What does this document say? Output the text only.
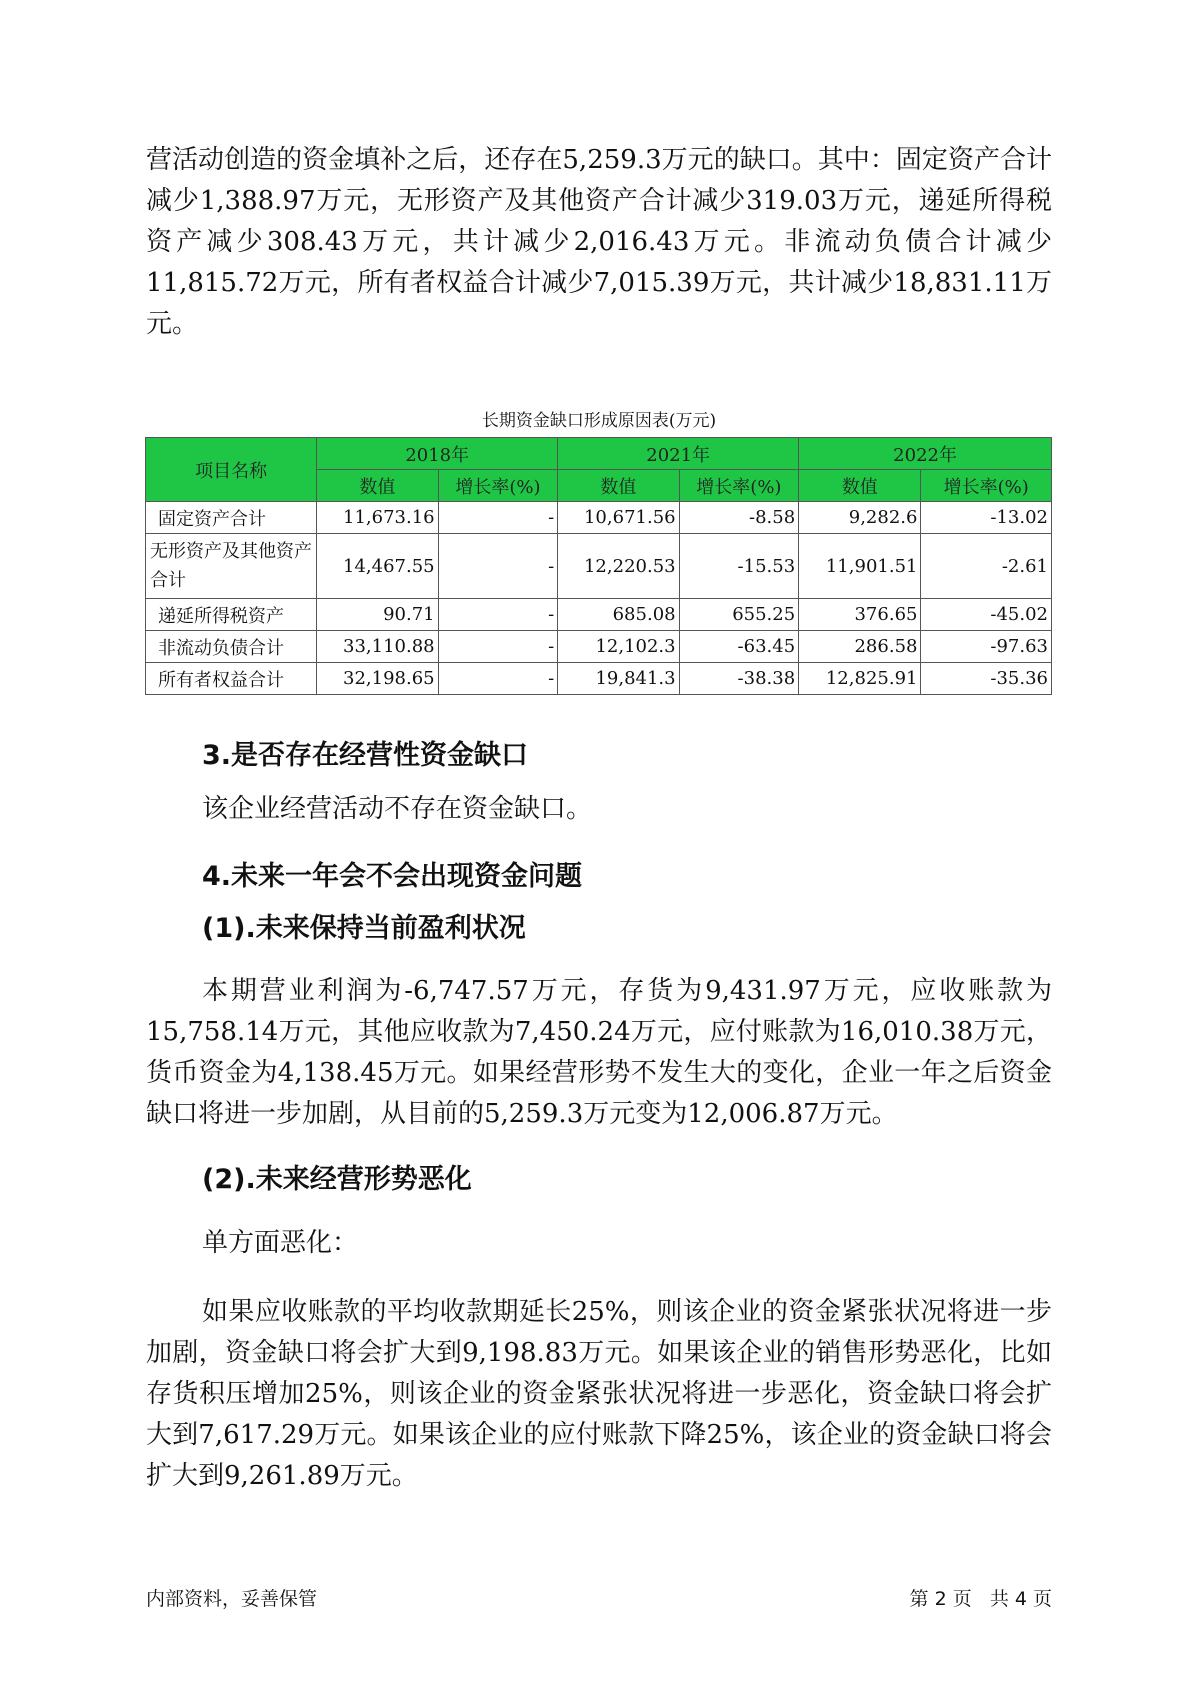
营活动创造的资金填补之后，还存在5,259.3万元的缺口。其中：固定资产合计减少1,388.97万元，无形资产及其他资产合计减少319.03万元，递延所得税资产减少308.43万元，共计减少2,016.43万元。非流动负债合计减少11,815.72万元，所有者权益合计减少7,015.39万元，共计减少18,831.11万元。

长期资金缺口形成原因表(万元)
项目名称	2018年		2021年		2022年	
	数值	增长率(%)	数值	增长率(%)	数值	增长率(%)
固定资产合计	11,673.16	-	10,671.56	-8.58	9,282.6	-13.02
无形资产及其他资产合计	14,467.55	-	12,220.53	-15.53	11,901.51	-2.61
递延所得税资产	90.71	-	685.08	655.25	376.65	-45.02
非流动负债合计	33,110.88	-	12,102.3	-63.45	286.58	-97.63
所有者权益合计	32,198.65	-	19,841.3	-38.38	12,825.91	-35.36
3.是否存在经营性资金缺口

该企业经营活动不存在资金缺口。

4.未来一年会不会出现资金问题
(1).未来保持当前盈利状况

本期营业利润为-6,747.57万元，存货为9,431.97万元，应收账款为15,758.14万元，其他应收款为7,450.24万元，应付账款为16,010.38万元，货币资金为4,138.45万元。如果经营形势不发生大的变化，企业一年之后资金缺口将进一步加剧，从目前的5,259.3万元变为12,006.87万元。

(2).未来经营形势恶化

单方面恶化：

如果应收账款的平均收款期延长25%，则该企业的资金紧张状况将进一步加剧，资金缺口将会扩大到9,198.83万元。如果该企业的销售形势恶化，比如存货积压增加25%，则该企业的资金紧张状况将进一步恶化，资金缺口将会扩大到7,617.29万元。如果该企业的应付账款下降25%，该企业的资金缺口将会扩大到9,261.89万元。

内部资料，妥善保管	第 2 页   共 4 页
